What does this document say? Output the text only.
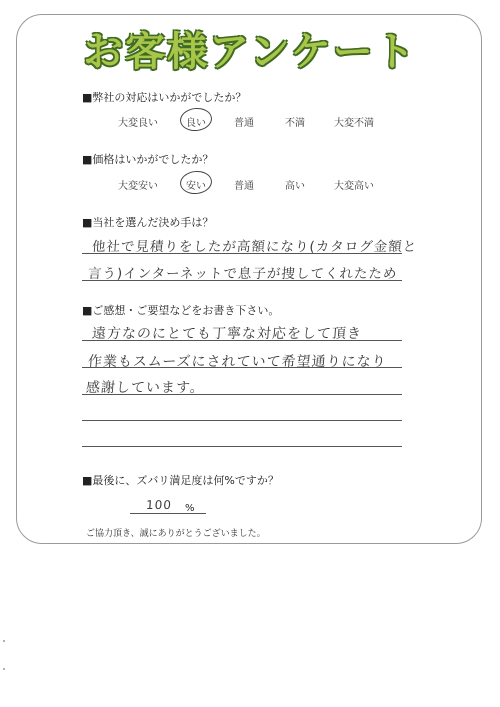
お客様アンケート
■弊社の対応はいかがでしたか？
大変良い	良い	普通	不満	大変不満
■価格はいかがでしたか？
大変安い	安い	普通	高い	大変高い
■当社を選んだ決め手は？
他社で見積りをしたが高額になり(カタログ金額と
言う)インターネットで息子が捜してくれたため
■ご感想・ご要望などをお書き下さい。
遠方なのにとても丁寧な対応をして頂き
作業もスムーズにされていて希望通りになり
感謝しています。
■最後に、ズバリ満足度は何%ですか？
100 %
ご協力頂き、誠にありがとうございました。
